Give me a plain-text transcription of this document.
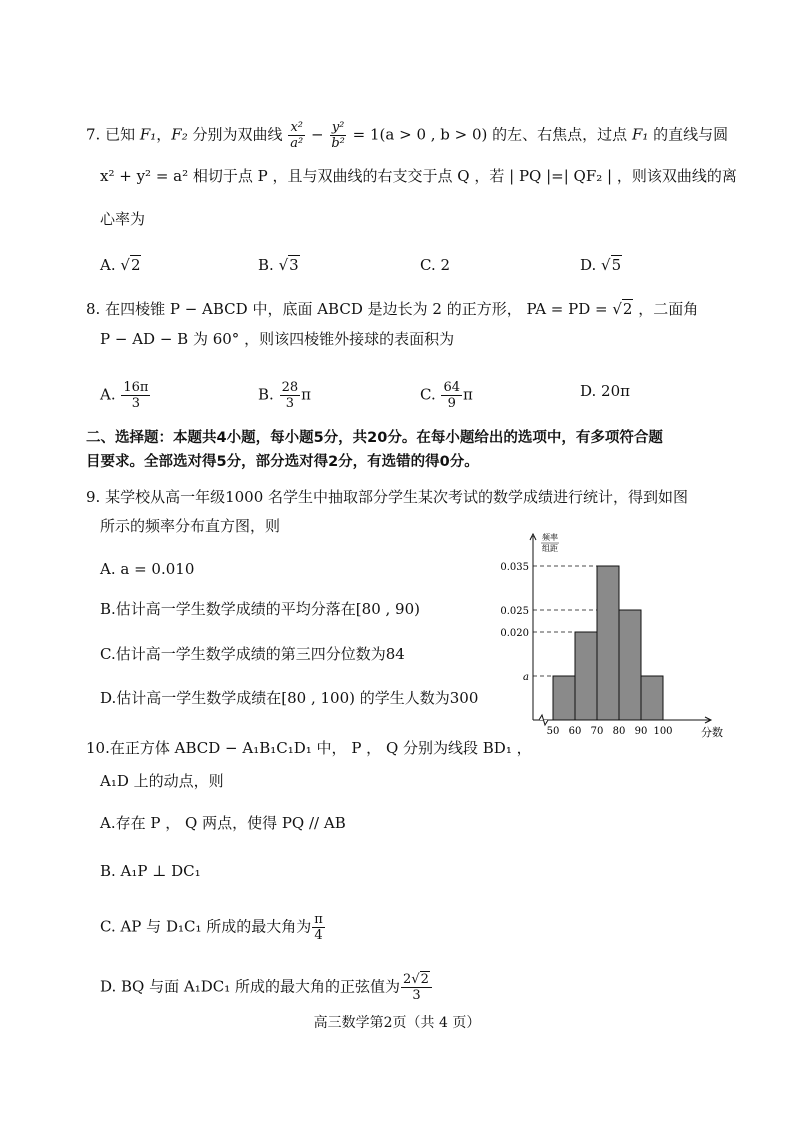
7. 已知 F₁，F₂ 分别为双曲线 $\frac{\text{x²}}{\text{a²}} - \frac{\text{y²}}{\text{b²}} = 1(a > 0$ , b > 0) 的左、右焦点，过点 F₁ 的直线与圆
x² + y² = a² 相切于点 P ，且与双曲线的右支交于点 Q ，若 | PQ |=| QF₂ | ，则该双曲线的离
心率为
A. √2	B. √3	C. 2	D. √5
8. 在四棱锥 P − ABCD 中，底面 ABCD 是边长为 2 的正方形， PA = PD = √2 ，二面角
P − AD − B 为 60° ，则该四棱锥外接球的表面积为
A. $\frac{16\pi}{3}$	B. $\frac{28}{3}$ π	C. $\frac{64}{9}$ π	D. 20π
二、选择题：本题共4小题，每小题5分，共20分。在每小题给出的选项中，有多项符合题
目要求。全部选对得5分，部分选对得2分，有选错的得0分。
9. 某学校从高一年级1000 名学生中抽取部分学生某次考试的数学成绩进行统计，得到如图
所示的频率分布直方图，则
A. a = 0.010
B.估计高一学生数学成绩的平均分落在[80 , 90)
C.估计高一学生数学成绩的第三四分位数为84
D.估计高一学生数学成绩在[80 , 100) 的学生人数为300
频率
组距
0.035
0.025
0.020
a
50 60 70 80 90 100	分数
10.在正方体 ABCD − A₁B₁C₁D₁ 中， P ， Q 分别为线段 BD₁ ，
A₁D 上的动点，则
A.存在 P ， Q 两点，使得 PQ // AB
B. A₁P ⊥ DC₁
C. AP 与 D₁C₁ 所成的最大角为 $\frac{\pi}{4}$
D. BQ 与面 A₁DC₁ 所成的最大角的正弦值为 $\frac{2√2}{3}$
高三数学第2页（共 4 页）
